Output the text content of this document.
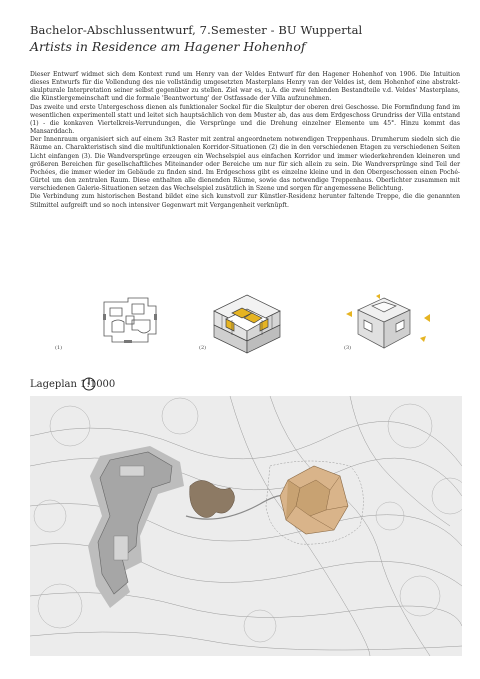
Bachelor-Abschlussentwurf, 7.Semester - BU Wuppertal
Artists in Residence am Hagener Hohenhof

Dieser Entwurf widmet sich dem Kontext rund um Henry van der Veldes Entwurf für den Hagener Hohenhof von 1906. Die Intuition dieses Entwurfs für die Vollendung des nie vollständig umgesetzten Masterplans Henry van der Veldes ist, dem Hohenhof eine abstrakt-skulpturale Interpretation seiner selbst gegenüber zu stellen. Ziel war es, u.A. die zwei fehlenden Bestandteile v.d. Veldes' Masterplans, die Künstlergemeinschaft und die formale 'Beantwortung' der Ostfassade der Villa aufzunehmen.

Das zweite und erste Untergeschoss dienen als funktionaler Sockel für die Skulptur der oberen drei Geschosse. Die Formfindung fand im wesentlichen experimentell statt und leitet sich hauptsächlich von dem Muster ab, das aus dem Erdgeschoss Grundriss der Villa entstand (1) - die konkaven Viertelkreis-Verrundungen, die Versprünge und die Drehung einzelner Elemente um 45°. Hinzu kommt das Mansarddach.

Der Innenraum organisiert sich auf einem 3x3 Raster mit zentral angeordnetem notwendigen Treppenhaus. Drumherum siedeln sich die Räume an. Charakteristisch sind die multifunktionalen Korridor-Situationen (2) die in den verschiedenen Etagen zu verschiedenen Seiten Licht einfangen (3). Die Wandversprünge erzeugen ein Wechselspiel aus einfachen Korridor und immer wiederkehrenden kleineren und größeren Bereichen für gesellschaftliches Miteinander oder Bereiche um nur für sich allein zu sein. Die Wandversprünge sind Teil der Pochées, die immer wieder im Gebäude zu finden sind. Im Erdgeschoss gibt es einzelne kleine und in den Obergeschossen einen Poché-Gürtel um den zentralen Raum. Diese enthalten alle dienenden Räume, sowie das notwendige Treppenhaus. Oberlichter zusammen mit verschiedenen Galerie-Situationen setzen das Wechselspiel zusätzlich in Szene und sorgen für angemessene Belichtung.

Die Verbindung zum historischen Bestand bildet eine sich kunstvoll zur Künstler-Residenz herunter faltende Treppe, die die genannten Stilmittel aufgreift und so noch intensiver Gegenwart mit Vergangenheit verknüpft.

(1)	(2)	(3)
Lageplan 1:1000
